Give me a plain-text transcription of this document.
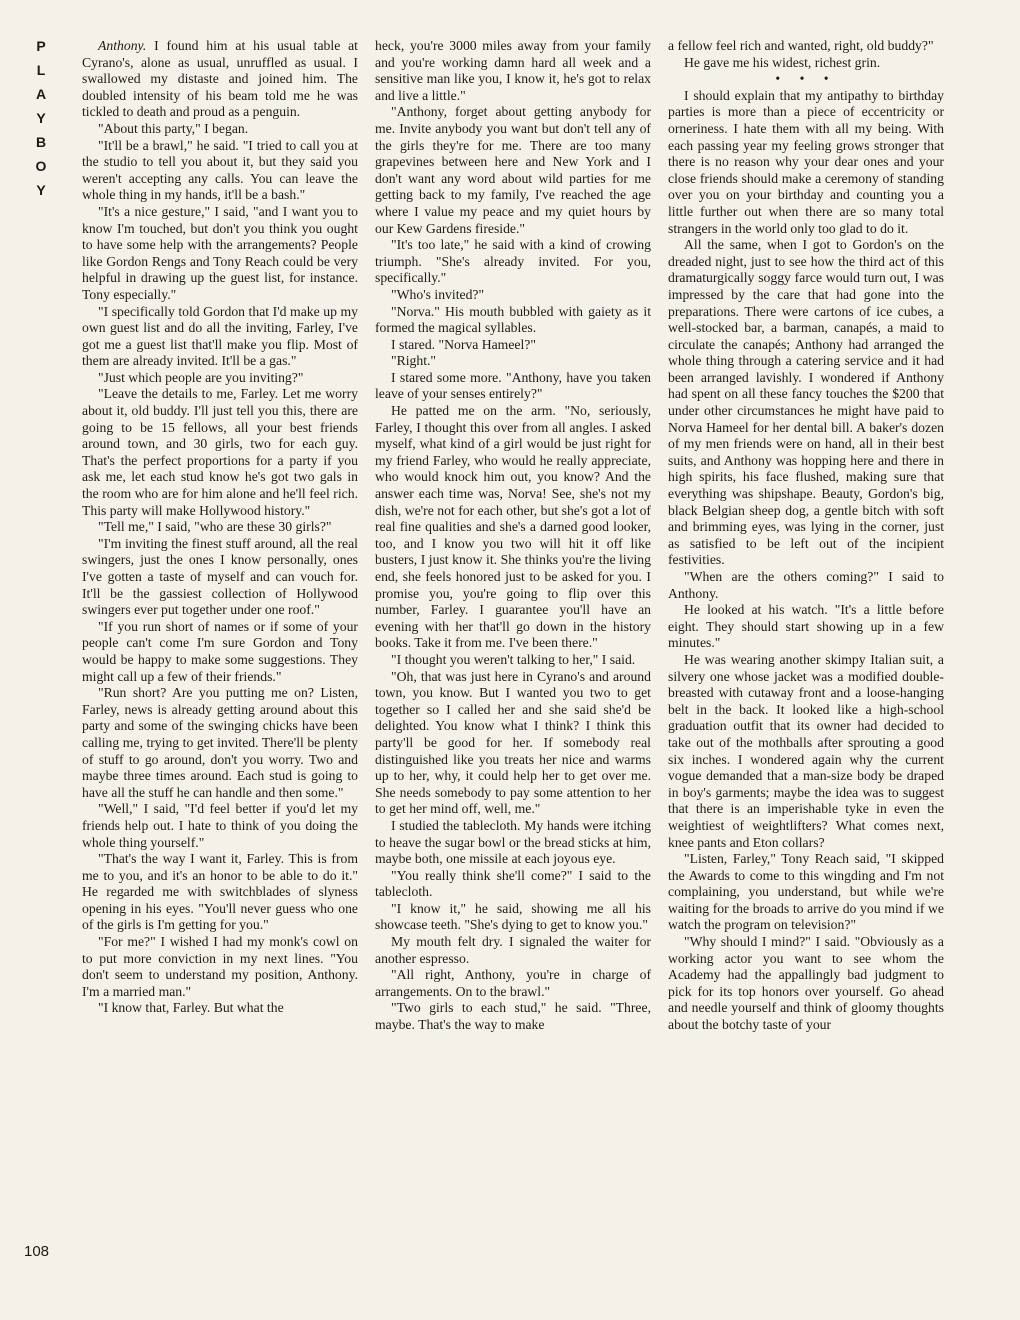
P
L
A
Y
B
O
Y
108

Anthony. I found him at his usual table at Cyrano's, alone as usual, unruffled as usual. I swallowed my distaste and joined him. The doubled intensity of his beam told me he was tickled to death and proud as a penguin.

"About this party," I began.

"It'll be a brawl," he said. "I tried to call you at the studio to tell you about it, but they said you weren't accepting any calls. You can leave the whole thing in my hands, it'll be a bash."

"It's a nice gesture," I said, "and I want you to know I'm touched, but don't you think you ought to have some help with the arrangements? People like Gordon Rengs and Tony Reach could be very helpful in drawing up the guest list, for instance. Tony especially."

"I specifically told Gordon that I'd make up my own guest list and do all the inviting, Farley, I've got me a guest list that'll make you flip. Most of them are already invited. It'll be a gas."

"Just which people are you inviting?"

"Leave the details to me, Farley. Let me worry about it, old buddy. I'll just tell you this, there are going to be 15 fellows, all your best friends around town, and 30 girls, two for each guy. That's the perfect proportions for a party if you ask me, let each stud know he's got two gals in the room who are for him alone and he'll feel rich. This party will make Hollywood history."

"Tell me," I said, "who are these 30 girls?"

"I'm inviting the finest stuff around, all the real swingers, just the ones I know personally, ones I've gotten a taste of myself and can vouch for. It'll be the gassiest collection of Hollywood swingers ever put together under one roof."

"If you run short of names or if some of your people can't come I'm sure Gordon and Tony would be happy to make some suggestions. They might call up a few of their friends."

"Run short? Are you putting me on? Listen, Farley, news is already getting around about this party and some of the swinging chicks have been calling me, trying to get invited. There'll be plenty of stuff to go around, don't you worry. Two and maybe three times around. Each stud is going to have all the stuff he can handle and then some."

"Well," I said, "I'd feel better if you'd let my friends help out. I hate to think of you doing the whole thing yourself."

"That's the way I want it, Farley. This is from me to you, and it's an honor to be able to do it." He regarded me with switchblades of slyness opening in his eyes. "You'll never guess who one of the girls is I'm getting for you."

"For me?" I wished I had my monk's cowl on to put more conviction in my next lines. "You don't seem to understand my position, Anthony. I'm a married man."

"I know that, Farley. But what the

heck, you're 3000 miles away from your family and you're working damn hard all week and a sensitive man like you, I know it, he's got to relax and live a little."

"Anthony, forget about getting anybody for me. Invite anybody you want but don't tell any of the girls they're for me. There are too many grapevines between here and New York and I don't want any word about wild parties for me getting back to my family, I've reached the age where I value my peace and my quiet hours by our Kew Gardens fireside."

"It's too late," he said with a kind of crowing triumph. "She's already invited. For you, specifically."

"Who's invited?"

"Norva." His mouth bubbled with gaiety as it formed the magical syllables.

I stared. "Norva Hameel?"

"Right."

I stared some more. "Anthony, have you taken leave of your senses entirely?"

He patted me on the arm. "No, seriously, Farley, I thought this over from all angles. I asked myself, what kind of a girl would be just right for my friend Farley, who would he really appreciate, who would knock him out, you know? And the answer each time was, Norva! See, she's not my dish, we're not for each other, but she's got a lot of real fine qualities and she's a darned good looker, too, and I know you two will hit it off like busters, I just know it. She thinks you're the living end, she feels honored just to be asked for you. I promise you, you're going to flip over this number, Farley. I guarantee you'll have an evening with her that'll go down in the history books. Take it from me. I've been there."

"I thought you weren't talking to her," I said.

"Oh, that was just here in Cyrano's and around town, you know. But I wanted you two to get together so I called her and she said she'd be delighted. You know what I think? I think this party'll be good for her. If somebody real distinguished like you treats her nice and warms up to her, why, it could help her to get over me. She needs somebody to pay some attention to her to get her mind off, well, me."

I studied the tablecloth. My hands were itching to heave the sugar bowl or the bread sticks at him, maybe both, one missile at each joyous eye.

"You really think she'll come?" I said to the tablecloth.

"I know it," he said, showing me all his showcase teeth. "She's dying to get to know you."

My mouth felt dry. I signaled the waiter for another espresso.

"All right, Anthony, you're in charge of arrangements. On to the brawl."

"Two girls to each stud," he said. "Three, maybe. That's the way to make

a fellow feel rich and wanted, right, old buddy?"

He gave me his widest, richest grin.

• • •

I should explain that my antipathy to birthday parties is more than a piece of eccentricity or orneriness. I hate them with all my being. With each passing year my feeling grows stronger that there is no reason why your dear ones and your close friends should make a ceremony of standing over you on your birthday and counting you a little further out when there are so many total strangers in the world only too glad to do it.

All the same, when I got to Gordon's on the dreaded night, just to see how the third act of this dramaturgically soggy farce would turn out, I was impressed by the care that had gone into the preparations. There were cartons of ice cubes, a well-stocked bar, a barman, canapés, a maid to circulate the canapés; Anthony had arranged the whole thing through a catering service and it had been arranged lavishly. I wondered if Anthony had spent on all these fancy touches the $200 that under other circumstances he might have paid to Norva Hameel for her dental bill. A baker's dozen of my men friends were on hand, all in their best suits, and Anthony was hopping here and there in high spirits, his face flushed, making sure that everything was shipshape. Beauty, Gordon's big, black Belgian sheep dog, a gentle bitch with soft and brimming eyes, was lying in the corner, just as satisfied to be left out of the incipient festivities.

"When are the others coming?" I said to Anthony.

He looked at his watch. "It's a little before eight. They should start showing up in a few minutes."

He was wearing another skimpy Italian suit, a silvery one whose jacket was a modified double-breasted with cutaway front and a loose-hanging belt in the back. It looked like a high-school graduation outfit that its owner had decided to take out of the mothballs after sprouting a good six inches. I wondered again why the current vogue demanded that a man-size body be draped in boy's garments; maybe the idea was to suggest that there is an imperishable tyke in even the weightiest of weightlifters? What comes next, knee pants and Eton collars?

"Listen, Farley," Tony Reach said, "I skipped the Awards to come to this wingding and I'm not complaining, you understand, but while we're waiting for the broads to arrive do you mind if we watch the program on television?"

"Why should I mind?" I said. "Obviously as a working actor you want to see whom the Academy had the appallingly bad judgment to pick for its top honors over yourself. Go ahead and needle yourself and think of gloomy thoughts about the botchy taste of your
